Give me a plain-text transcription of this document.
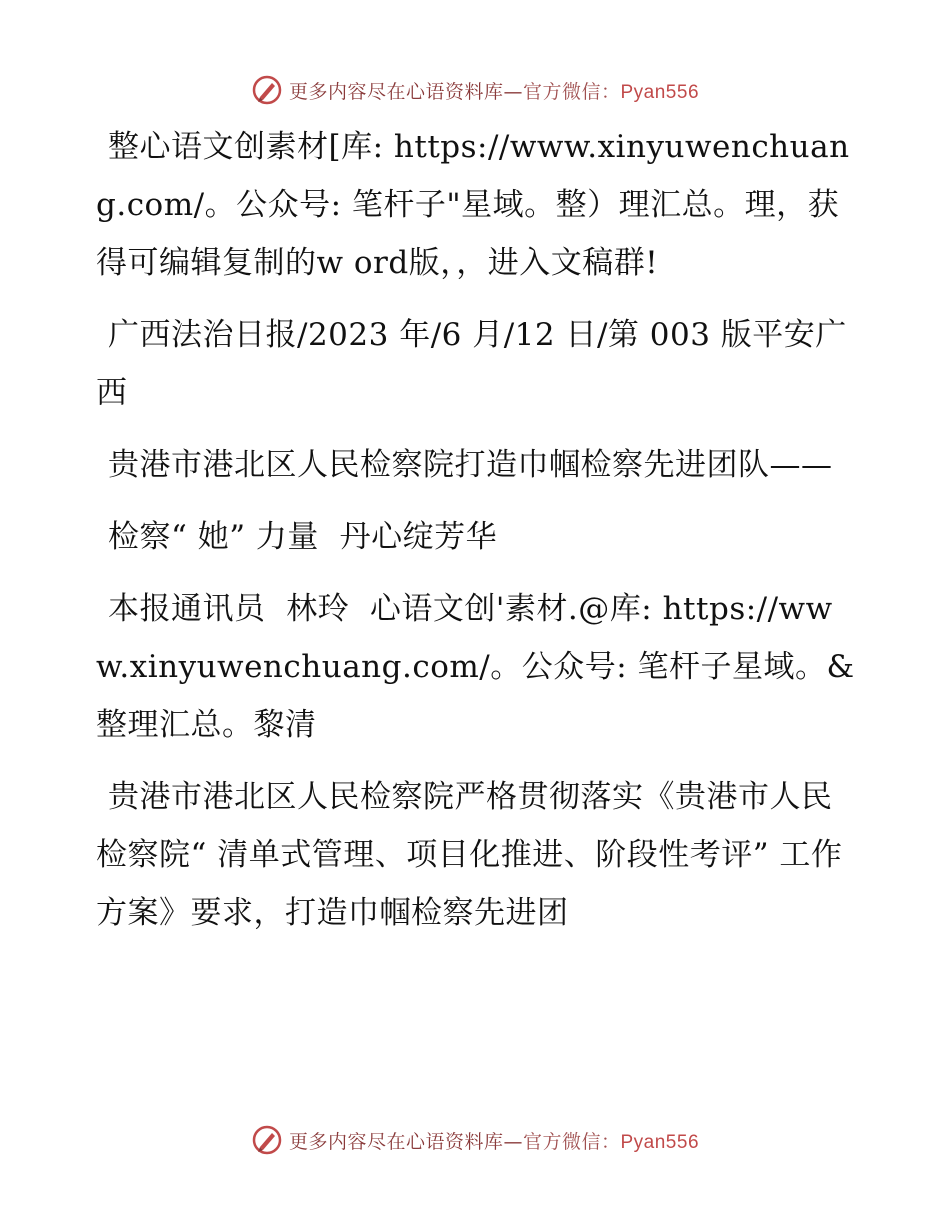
更多内容尽在心语资料库—官方微信：Pyan556

整心语文创素材[库: https://www.xinyuwenchuang.com/。公众号: 笔杆子"星域。整）理汇总。理，获得可编辑复制的w ord版，，进入文稿群!

广西法治日报/2023 年/6 月/12 日/第 003 版平安广西

贵港市港北区人民检察院打造巾帼检察先进团队——

检察“ 她” 力量  丹心绽芳华

本报通讯员  林玲  心语文创'素材.@库: https://www.xinyuwenchuang.com/。公众号: 笔杆子星域。&整理汇总。黎清

贵港市港北区人民检察院严格贯彻落实《贵港市人民检察院“ 清单式管理、项目化推进、阶段性考评” 工作方案》要求，打造巾帼检察先进团

更多内容尽在心语资料库—官方微信：Pyan556
